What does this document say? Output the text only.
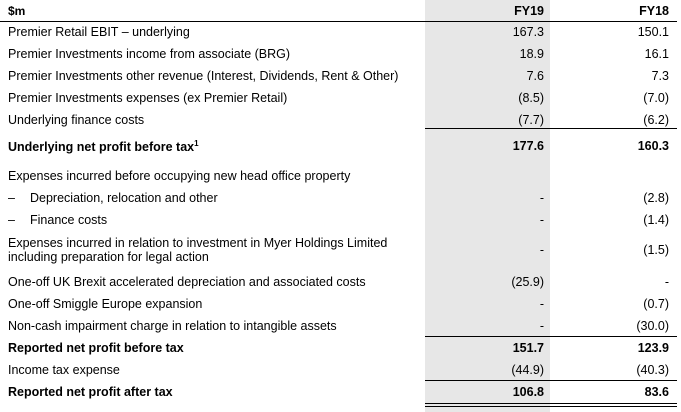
$m	FY19	FY18
Premier Retail EBIT – underlying	167.3	150.1
Premier Investments income from associate (BRG)	18.9	16.1
Premier Investments other revenue (Interest, Dividends, Rent & Other)	7.6	7.3
Premier Investments expenses (ex Premier Retail)	(8.5)	(7.0)
Underlying finance costs	(7.7)	(6.2)
Underlying net profit before tax$^1$	177.6	160.3
Expenses incurred before occupying new head office property
– Depreciation, relocation and other	-	(2.8)
– Finance costs	-	(1.4)
Expenses incurred in relation to investment in Myer Holdings Limited
including preparation for legal action	-	(1.5)
One-off UK Brexit accelerated depreciation and associated costs	(25.9)	-
One-off Smiggle Europe expansion	-	(0.7)
Non-cash impairment charge in relation to intangible assets	-	(30.0)
Reported net profit before tax	151.7	123.9
Income tax expense	(44.9)	(40.3)
Reported net profit after tax	106.8	83.6
